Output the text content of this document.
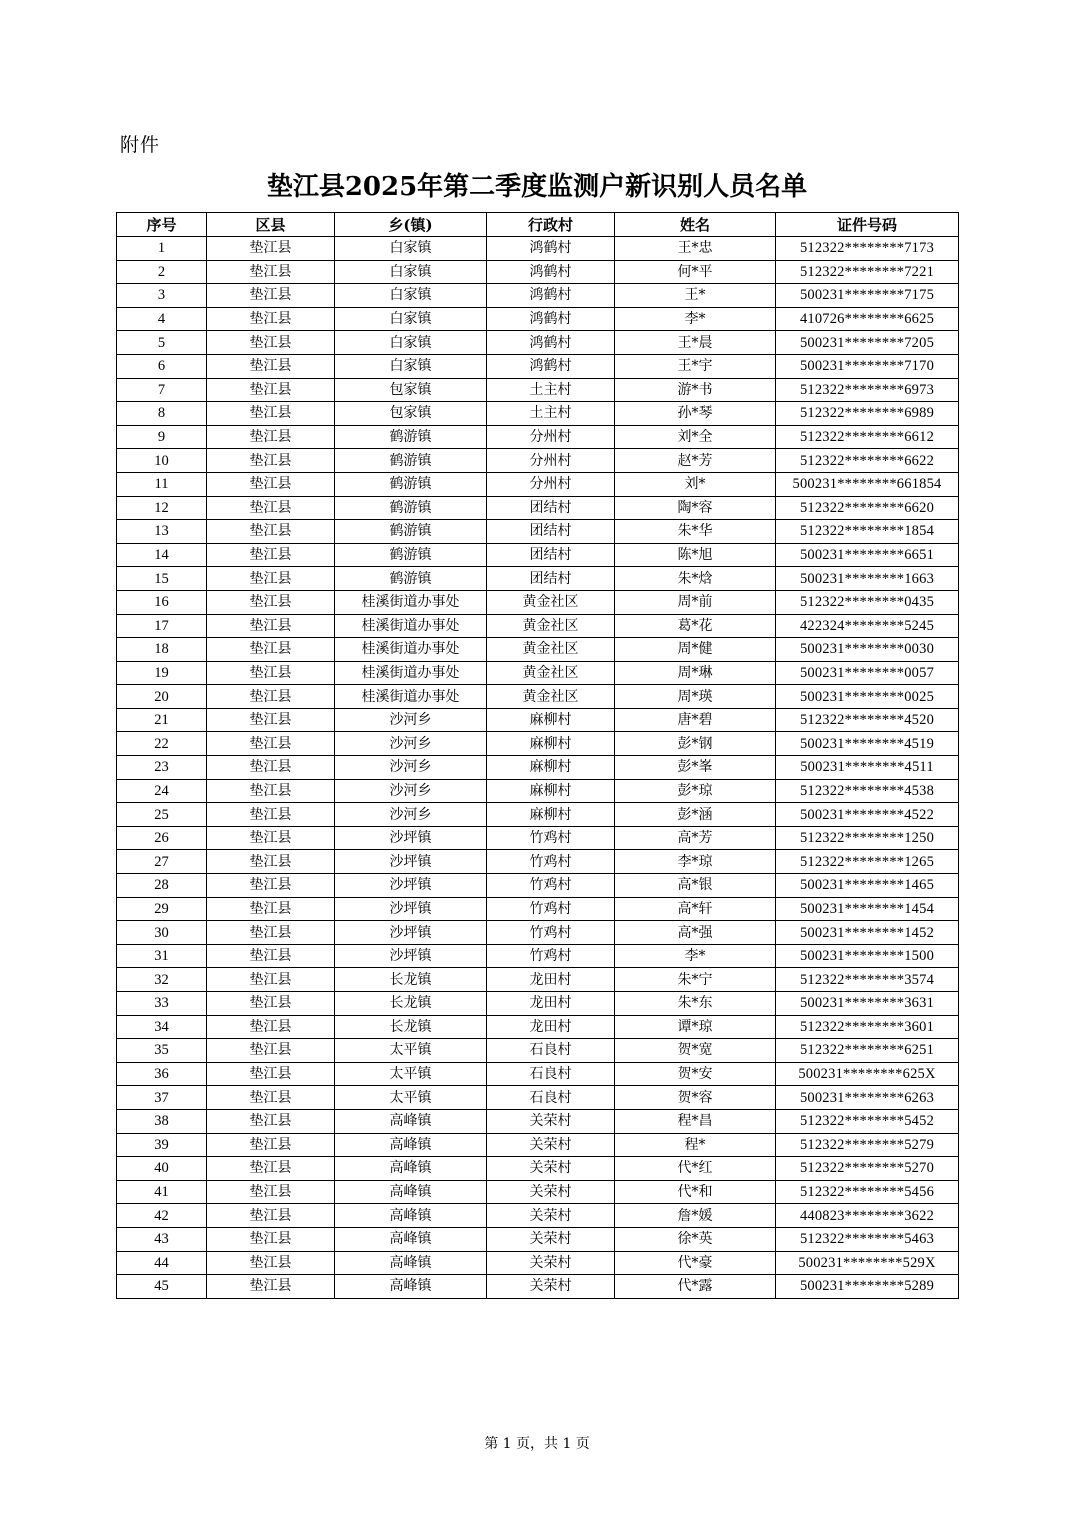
附件
垫江县2025年第二季度监测户新识别人员名单
序号	区县	乡(镇)	行政村	姓名	证件号码
1	垫江县	白家镇	鸿鹤村	王*忠	512322********7173
2	垫江县	白家镇	鸿鹤村	何*平	512322********7221
3	垫江县	白家镇	鸿鹤村	王*	500231********7175
4	垫江县	白家镇	鸿鹤村	李*	410726********6625
5	垫江县	白家镇	鸿鹤村	王*晨	500231********7205
6	垫江县	白家镇	鸿鹤村	王*宇	500231********7170
7	垫江县	包家镇	土主村	游*书	512322********6973
8	垫江县	包家镇	土主村	孙*琴	512322********6989
9	垫江县	鹤游镇	分州村	刘*全	512322********6612
10	垫江县	鹤游镇	分州村	赵*芳	512322********6622
11	垫江县	鹤游镇	分州村	刘*	500231********661854
12	垫江县	鹤游镇	团结村	陶*容	512322********6620
13	垫江县	鹤游镇	团结村	朱*华	512322********1854
14	垫江县	鹤游镇	团结村	陈*旭	500231********6651
15	垫江县	鹤游镇	团结村	朱*焓	500231********1663
16	垫江县	桂溪街道办事处	黄金社区	周*前	512322********0435
17	垫江县	桂溪街道办事处	黄金社区	葛*花	422324********5245
18	垫江县	桂溪街道办事处	黄金社区	周*健	500231********0030
19	垫江县	桂溪街道办事处	黄金社区	周*琳	500231********0057
20	垫江县	桂溪街道办事处	黄金社区	周*瑛	500231********0025
21	垫江县	沙河乡	麻柳村	唐*碧	512322********4520
22	垫江县	沙河乡	麻柳村	彭*钢	500231********4519
23	垫江县	沙河乡	麻柳村	彭*峯	500231********4511
24	垫江县	沙河乡	麻柳村	彭*琼	512322********4538
25	垫江县	沙河乡	麻柳村	彭*涵	500231********4522
26	垫江县	沙坪镇	竹鸡村	高*芳	512322********1250
27	垫江县	沙坪镇	竹鸡村	李*琼	512322********1265
28	垫江县	沙坪镇	竹鸡村	高*银	500231********1465
29	垫江县	沙坪镇	竹鸡村	高*轩	500231********1454
30	垫江县	沙坪镇	竹鸡村	高*强	500231********1452
31	垫江县	沙坪镇	竹鸡村	李*	500231********1500
32	垫江县	长龙镇	龙田村	朱*宁	512322********3574
33	垫江县	长龙镇	龙田村	朱*东	500231********3631
34	垫江县	长龙镇	龙田村	谭*琼	512322********3601
35	垫江县	太平镇	石良村	贺*宽	512322********6251
36	垫江县	太平镇	石良村	贺*安	500231********625X
37	垫江县	太平镇	石良村	贺*容	500231********6263
38	垫江县	高峰镇	关荣村	程*昌	512322********5452
39	垫江县	高峰镇	关荣村	程*	512322********5279
40	垫江县	高峰镇	关荣村	代*红	512322********5270
41	垫江县	高峰镇	关荣村	代*和	512322********5456
42	垫江县	高峰镇	关荣村	詹*媛	440823********3622
43	垫江县	高峰镇	关荣村	徐*英	512322********5463
44	垫江县	高峰镇	关荣村	代*豪	500231********529X
45	垫江县	高峰镇	关荣村	代*露	500231********5289
第 1 页，共 1 页
